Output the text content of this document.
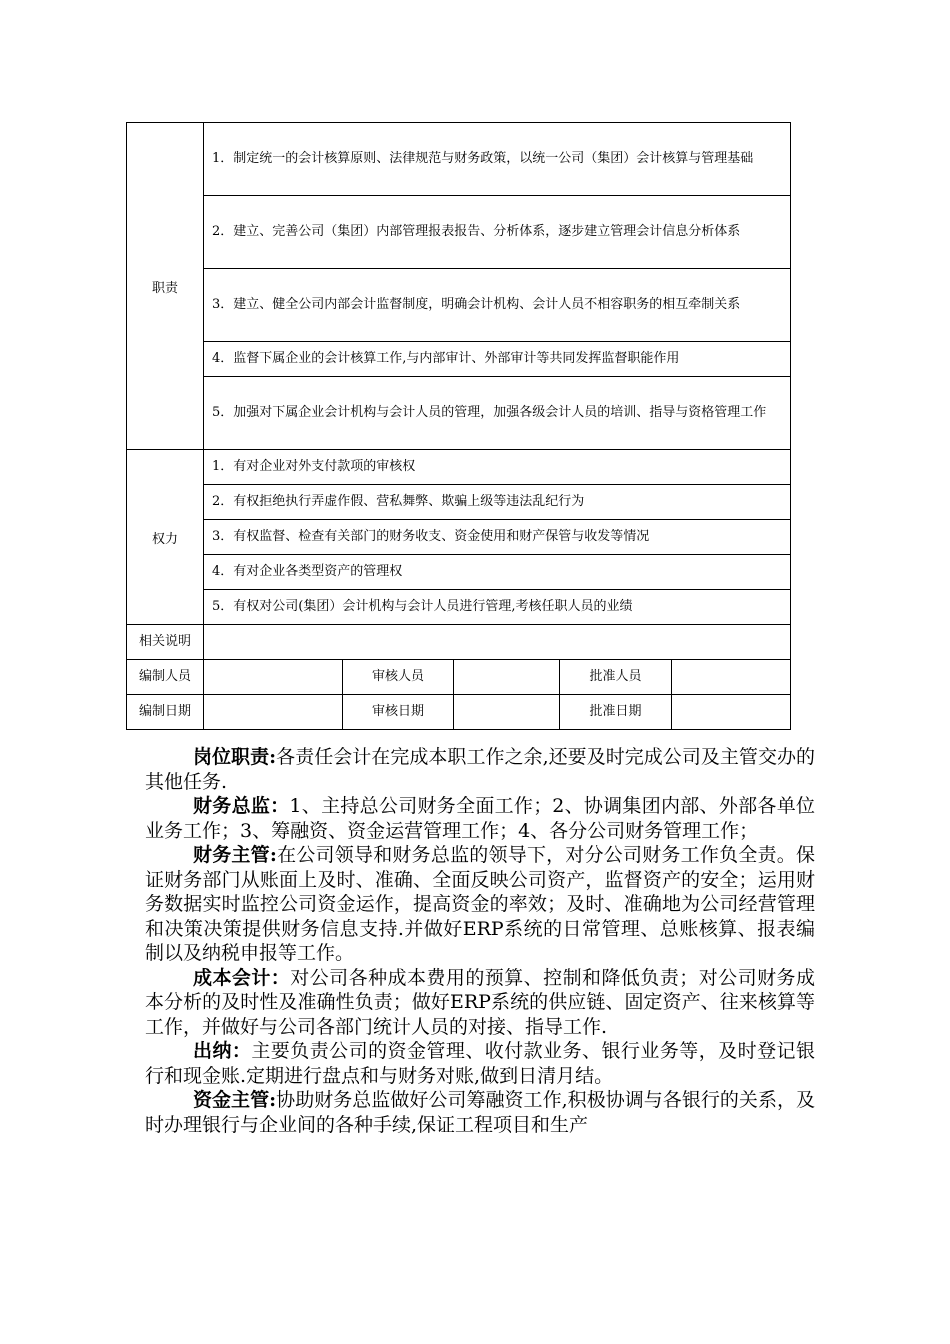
职责	1．制定统一的会计核算原则、法律规范与财务政策，以统一公司（集团）会计核算与管理基础				
	2．建立、完善公司（集团）内部管理报表报告、分析体系，逐步建立管理会计信息分析体系				
	3．建立、健全公司内部会计监督制度，明确会计机构、会计人员不相容职务的相互牵制关系				
	4．监督下属企业的会计核算工作,与内部审计、外部审计等共同发挥监督职能作用				
	5．加强对下属企业会计机构与会计人员的管理，加强各级会计人员的培训、指导与资格管理工作				
权力	1．有对企业对外支付款项的审核权				
	2．有权拒绝执行弄虚作假、营私舞弊、欺骗上级等违法乱纪行为				
	3．有权监督、检查有关部门的财务收支、资金使用和财产保管与收发等情况				
	4．有对企业各类型资产的管理权				
	5．有权对公司(集团）会计机构与会计人员进行管理,考核任职人员的业绩				
相关说明					
编制人员		审核人员		批准人员	
编制日期		审核日期		批准日期	

岗位职责:各责任会计在完成本职工作之余,还要及时完成公司及主管交办的其他任务.

财务总监：1、主持总公司财务全面工作；2、协调集团内部、外部各单位业务工作；3、筹融资、资金运营管理工作；4、各分公司财务管理工作；

财务主管:在公司领导和财务总监的领导下，对分公司财务工作负全责。保证财务部门从账面上及时、准确、全面反映公司资产，监督资产的安全；运用财务数据实时监控公司资金运作，提高资金的率效；及时、准确地为公司经营管理和决策决策提供财务信息支持.并做好ERP系统的日常管理、总账核算、报表编制以及纳税申报等工作。

成本会计：对公司各种成本费用的预算、控制和降低负责；对公司财务成本分析的及时性及准确性负责；做好ERP系统的供应链、固定资产、往来核算等工作，并做好与公司各部门统计人员的对接、指导工作.

出纳：主要负责公司的资金管理、收付款业务、银行业务等，及时登记银行和现金账.定期进行盘点和与财务对账,做到日清月结。

资金主管:协助财务总监做好公司筹融资工作,积极协调与各银行的关系，及时办理银行与企业间的各种手续,保证工程项目和生产
